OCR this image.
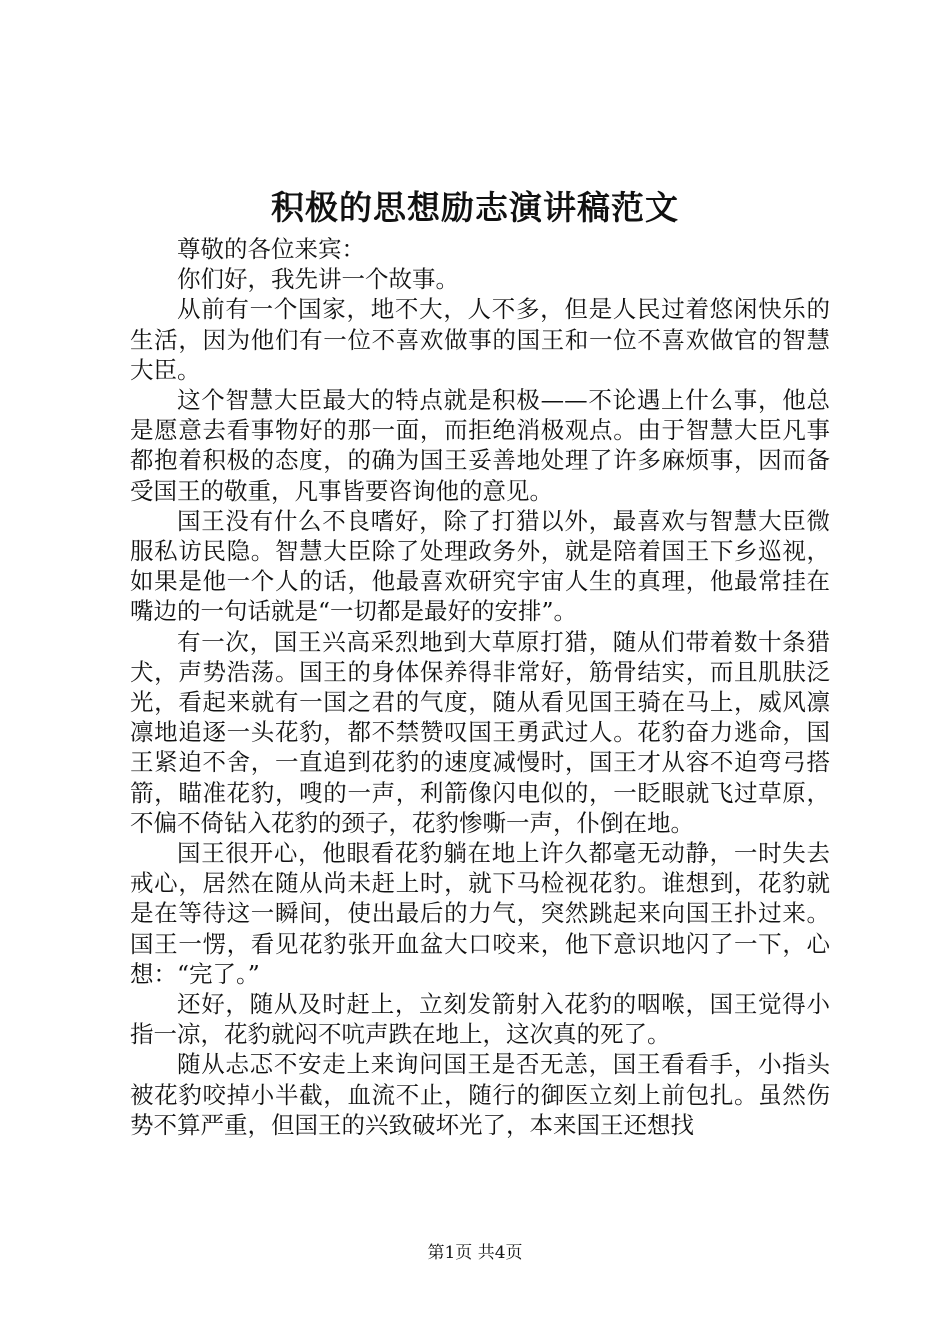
积极的思想励志演讲稿范文

尊敬的各位来宾：

你们好，我先讲一个故事。

从前有一个国家，地不大，人不多，但是人民过着悠闲快乐的生活，因为他们有一位不喜欢做事的国王和一位不喜欢做官的智慧大臣。

这个智慧大臣最大的特点就是积极——不论遇上什么事，他总是愿意去看事物好的那一面，而拒绝消极观点。由于智慧大臣凡事都抱着积极的态度，的确为国王妥善地处理了许多麻烦事，因而备受国王的敬重，凡事皆要咨询他的意见。

国王没有什么不良嗜好，除了打猎以外，最喜欢与智慧大臣微服私访民隐。智慧大臣除了处理政务外，就是陪着国王下乡巡视，如果是他一个人的话，他最喜欢研究宇宙人生的真理，他最常挂在嘴边的一句话就是“一切都是最好的安排”。

有一次，国王兴高采烈地到大草原打猎，随从们带着数十条猎犬，声势浩荡。国王的身体保养得非常好，筋骨结实，而且肌肤泛光，看起来就有一国之君的气度，随从看见国王骑在马上，威风凛凛地追逐一头花豹，都不禁赞叹国王勇武过人。花豹奋力逃命，国王紧迫不舍，一直追到花豹的速度减慢时，国王才从容不迫弯弓搭箭，瞄准花豹，嗖的一声，利箭像闪电似的，一眨眼就飞过草原，不偏不倚钻入花豹的颈子，花豹惨嘶一声，仆倒在地。

国王很开心，他眼看花豹躺在地上许久都毫无动静，一时失去戒心，居然在随从尚未赶上时，就下马检视花豹。谁想到，花豹就是在等待这一瞬间，使出最后的力气，突然跳起来向国王扑过来。国王一愣，看见花豹张开血盆大口咬来，他下意识地闪了一下，心想：“完了。”

还好，随从及时赶上，立刻发箭射入花豹的咽喉，国王觉得小指一凉，花豹就闷不吭声跌在地上，这次真的死了。

随从忐忑不安走上来询问国王是否无恙，国王看看手，小指头被花豹咬掉小半截，血流不止，随行的御医立刻上前包扎。虽然伤势不算严重，但国王的兴致破坏光了，本来国王还想找

第1页 共4页
